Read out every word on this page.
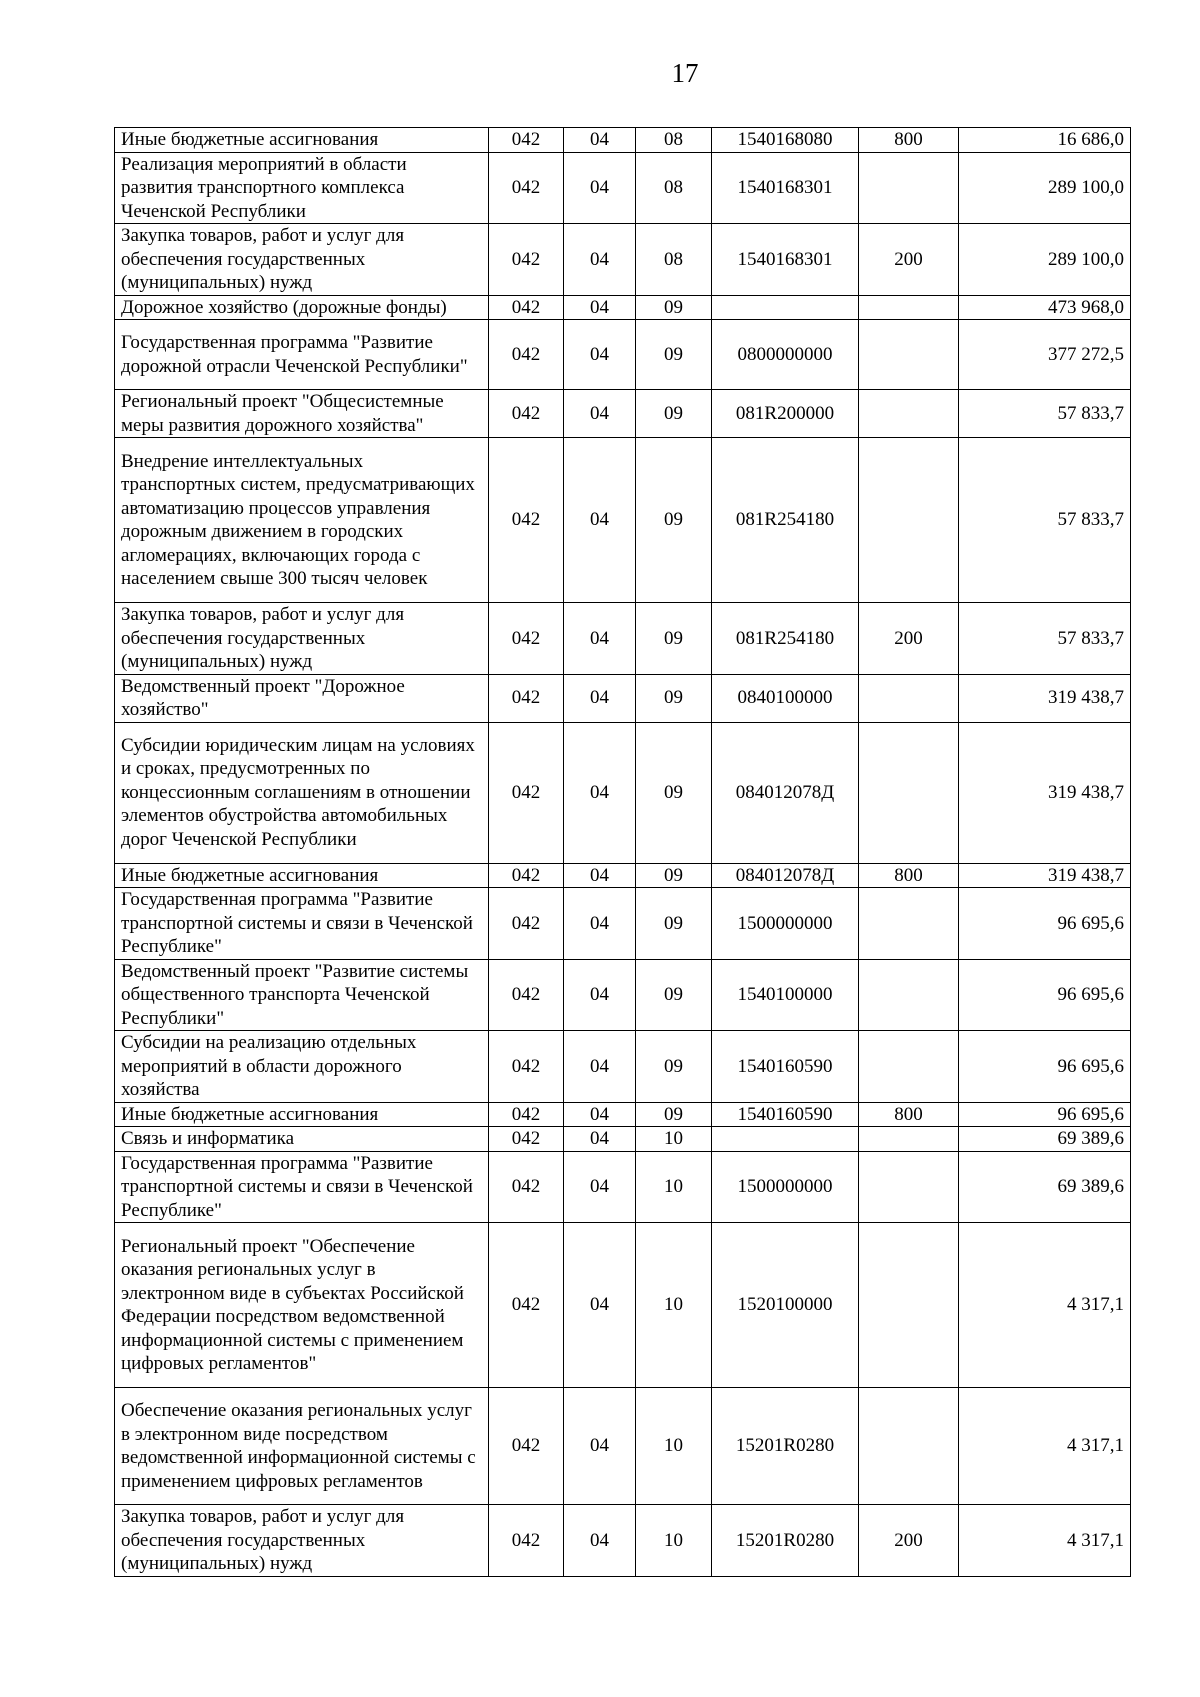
17
Иные бюджетные ассигнования	042	04	08	1540168080	800	16 686,0
Реализация мероприятий в области развития транспортного комплекса Чеченской Республики	042	04	08	1540168301		289 100,0
Закупка товаров, работ и услуг для обеспечения государственных (муниципальных) нужд	042	04	08	1540168301	200	289 100,0
Дорожное хозяйство (дорожные фонды)	042	04	09			473 968,0
Государственная программа "Развитие дорожной отрасли Чеченской Республики"	042	04	09	0800000000		377 272,5
Региональный проект "Общесистемные меры развития дорожного хозяйства"	042	04	09	081R200000		57 833,7
Внедрение интеллектуальных транспортных систем, предусматривающих автоматизацию процессов управления дорожным движением в городских агломерациях, включающих города с населением свыше 300 тысяч человек	042	04	09	081R254180		57 833,7
Закупка товаров, работ и услуг для обеспечения государственных (муниципальных) нужд	042	04	09	081R254180	200	57 833,7
Ведомственный проект "Дорожное хозяйство"	042	04	09	0840100000		319 438,7
Субсидии юридическим лицам на условиях и сроках, предусмотренных по концессионным соглашениям в отношении элементов обустройства автомобильных дорог Чеченской Республики	042	04	09	084012078Д		319 438,7
Иные бюджетные ассигнования	042	04	09	084012078Д	800	319 438,7
Государственная программа "Развитие транспортной системы и связи в Чеченской Республике"	042	04	09	1500000000		96 695,6
Ведомственный проект "Развитие системы общественного транспорта Чеченской Республики"	042	04	09	1540100000		96 695,6
Субсидии на реализацию отдельных мероприятий в области дорожного хозяйства	042	04	09	1540160590		96 695,6
Иные бюджетные ассигнования	042	04	09	1540160590	800	96 695,6
Связь и информатика	042	04	10			69 389,6
Государственная программа "Развитие транспортной системы и связи в Чеченской Республике"	042	04	10	1500000000		69 389,6
Региональный проект "Обеспечение оказания региональных услуг в электронном виде в субъектах Российской Федерации посредством ведомственной информационной системы с применением цифровых регламентов"	042	04	10	1520100000		4 317,1
Обеспечение оказания региональных услуг в электронном виде посредством ведомственной информационной системы с применением цифровых регламентов	042	04	10	15201R0280		4 317,1
Закупка товаров, работ и услуг для обеспечения государственных (муниципальных) нужд	042	04	10	15201R0280	200	4 317,1
